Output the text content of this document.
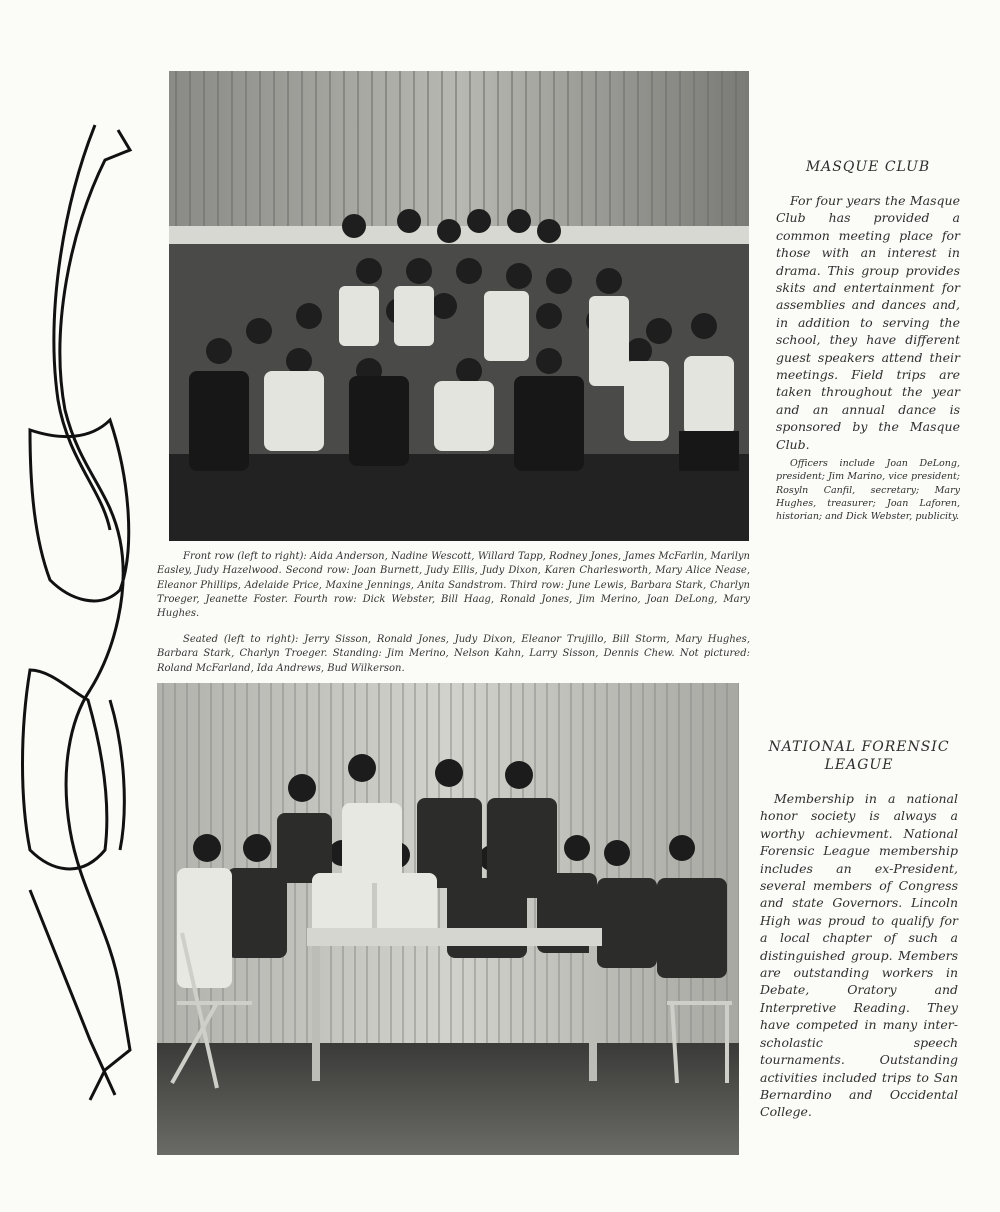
Front row (left to right): Aida Anderson, Nadine Wescott, Willard Tapp, Rodney Jones, James McFarlin, Marilyn Easley, Judy Hazelwood. Second row: Joan Burnett, Judy Ellis, Judy Dixon, Karen Charlesworth, Mary Alice Nease, Eleanor Phillips, Adelaide Price, Maxine Jennings, Anita Sandstrom. Third row: June Lewis, Barbara Stark, Charlyn Troeger, Jeanette Foster. Fourth row: Dick Webster, Bill Haag, Ronald Jones, Jim Merino, Joan DeLong, Mary Hughes.

MASQUE CLUB

For four years the Masque Club has provided a common meeting place for those with an interest in drama. This group provides skits and entertainment for assemblies and dances and, in addition to serving the school, they have different guest speakers attend their meetings. Field trips are taken throughout the year and an annual dance is sponsored by the Masque Club.

Officers include Joan DeLong, president; Jim Marino, vice president; Rosyln Canfil, secretary; Mary Hughes, treasurer; Joan Laforen, historian; and Dick Webster, publicity.

Seated (left to right): Jerry Sisson, Ronald Jones, Judy Dixon, Eleanor Trujillo, Bill Storm, Mary Hughes, Barbara Stark, Charlyn Troeger. Standing: Jim Merino, Nelson Kahn, Larry Sisson, Dennis Chew. Not pictured: Roland McFarland, Ida Andrews, Bud Wilkerson.

NATIONAL FORENSIC LEAGUE

Membership in a national honor society is always a worthy achievment. National Forensic League membership includes an ex-President, several members of Congress and state Governors. Lincoln High was proud to qualify for a local chapter of such a distinguished group. Members are outstanding workers in Debate, Oratory and Interpretive Reading. They have competed in many inter-scholastic speech tournaments. Outstanding activities included trips to San Bernardino and Occidental College.
